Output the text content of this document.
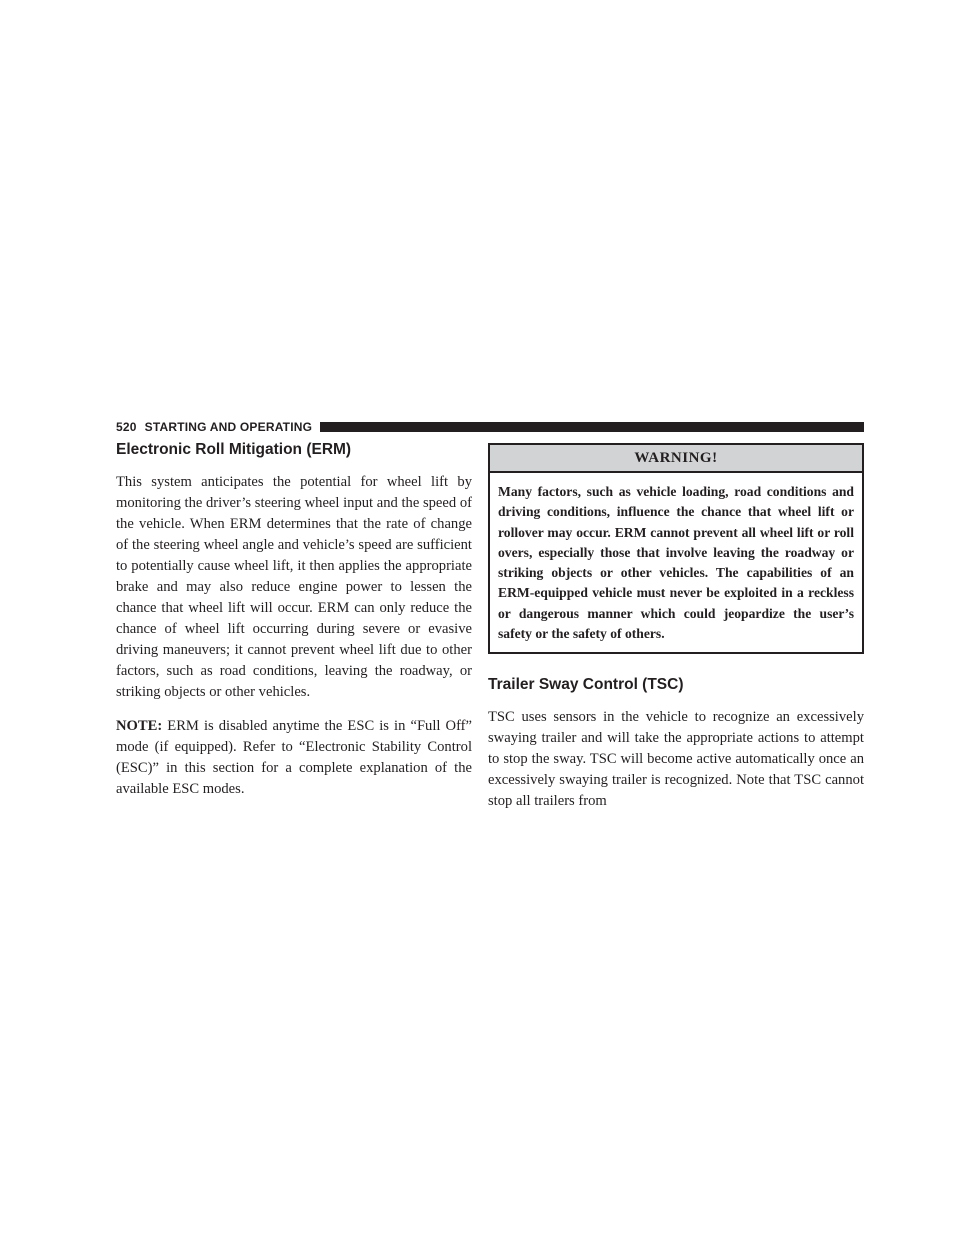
520 STARTING AND OPERATING
Electronic Roll Mitigation (ERM)

This system anticipates the potential for wheel lift by monitoring the driver’s steering wheel input and the speed of the vehicle. When ERM determines that the rate of change of the steering wheel angle and vehicle’s speed are sufficient to potentially cause wheel lift, it then applies the appropriate brake and may also reduce engine power to lessen the chance that wheel lift will occur. ERM can only reduce the chance of wheel lift occurring during severe or evasive driving maneuvers; it cannot prevent wheel lift due to other factors, such as road conditions, leaving the roadway, or striking objects or other vehicles.

NOTE: ERM is disabled anytime the ESC is in “Full Off” mode (if equipped). Refer to “Electronic Stability Control (ESC)” in this section for a complete explanation of the available ESC modes.

WARNING!
Many factors, such as vehicle loading, road conditions and driving conditions, influence the chance that wheel lift or rollover may occur. ERM cannot prevent all wheel lift or roll overs, especially those that involve leaving the roadway or striking objects or other vehicles. The capabilities of an ERM-equipped vehicle must never be exploited in a reckless or dangerous manner which could jeopardize the user’s safety or the safety of others.
Trailer Sway Control (TSC)

TSC uses sensors in the vehicle to recognize an excessively swaying trailer and will take the appropriate actions to attempt to stop the sway. TSC will become active automatically once an excessively swaying trailer is recognized. Note that TSC cannot stop all trailers from
